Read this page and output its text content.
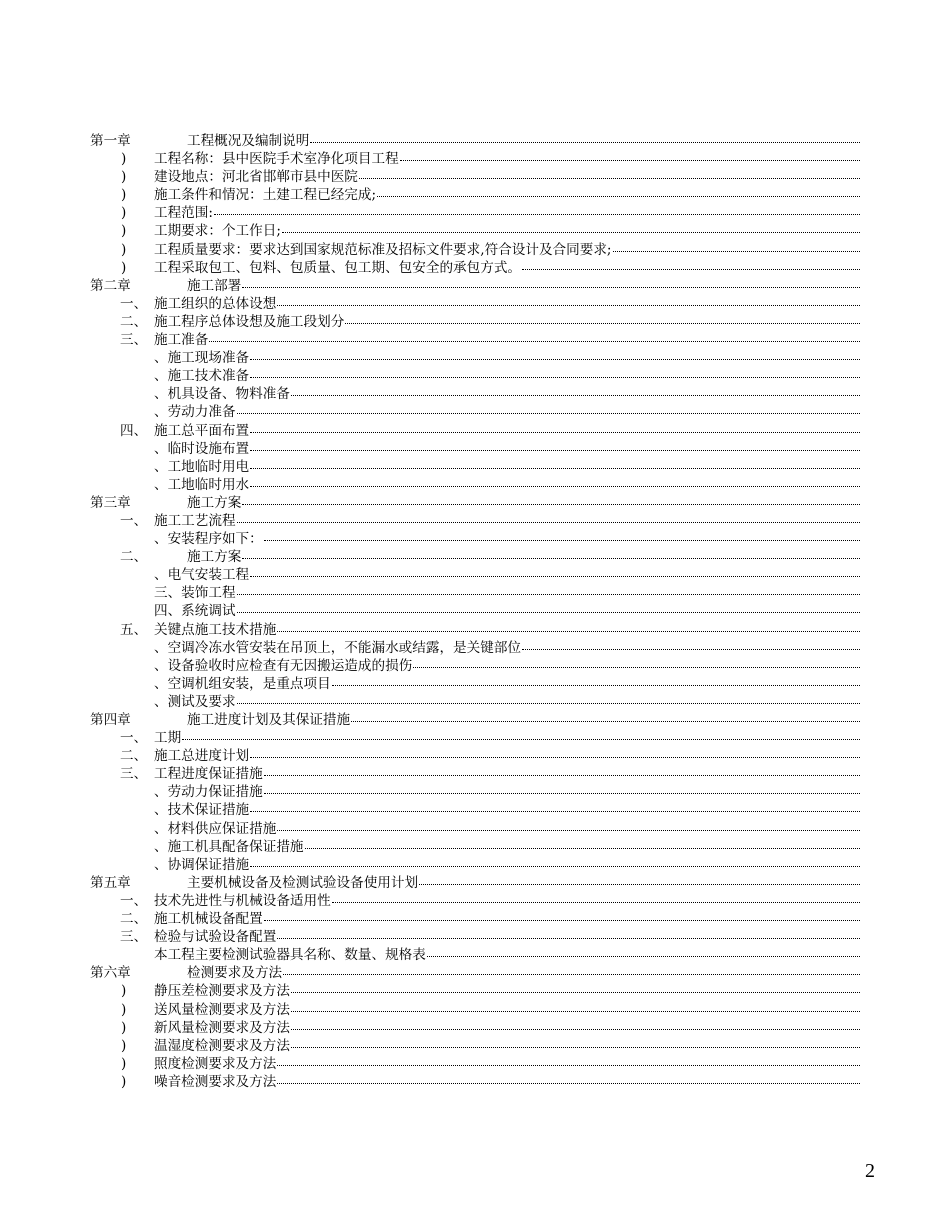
第一章	工程概况及编制说明
) 工程名称：县中医院手术室净化项目工程
) 建设地点：河北省邯郸市县中医院
) 施工条件和情况：土建工程已经完成;
) 工程范围:
) 工期要求：个工作日;
) 工程质量要求：要求达到国家规范标准及招标文件要求,符合设计及合同要求;
) 工程采取包工、包料、包质量、包工期、包安全的承包方式。
第二章	施工部署
一、 施工组织的总体设想
二、 施工程序总体设想及施工段划分
三、 施工准备
、施工现场准备
、施工技术准备
、机具设备、物料准备
、劳动力准备
四、 施工总平面布置
、临时设施布置
、工地临时用电
、工地临时用水
第三章	施工方案
一、 施工工艺流程
、安装程序如下：
二、	施工方案
、电气安装工程
三、装饰工程
四、系统调试
五、 关键点施工技术措施
、空调冷冻水管安装在吊顶上，不能漏水或结露，是关键部位
、设备验收时应检查有无因搬运造成的损伤
、空调机组安装，是重点项目
、测试及要求
第四章	施工进度计划及其保证措施
一、 工期
二、 施工总进度计划
三、 工程进度保证措施
、劳动力保证措施
、技术保证措施
、材料供应保证措施
、施工机具配备保证措施
、协调保证措施
第五章	主要机械设备及检测试验设备使用计划
一、 技术先进性与机械设备适用性
二、 施工机械设备配置
三、 检验与试验设备配置
本工程主要检测试验器具名称、数量、规格表
第六章	检测要求及方法
) 静压差检测要求及方法
) 送风量检测要求及方法
) 新风量检测要求及方法
) 温湿度检测要求及方法
) 照度检测要求及方法
) 噪音检测要求及方法
2
